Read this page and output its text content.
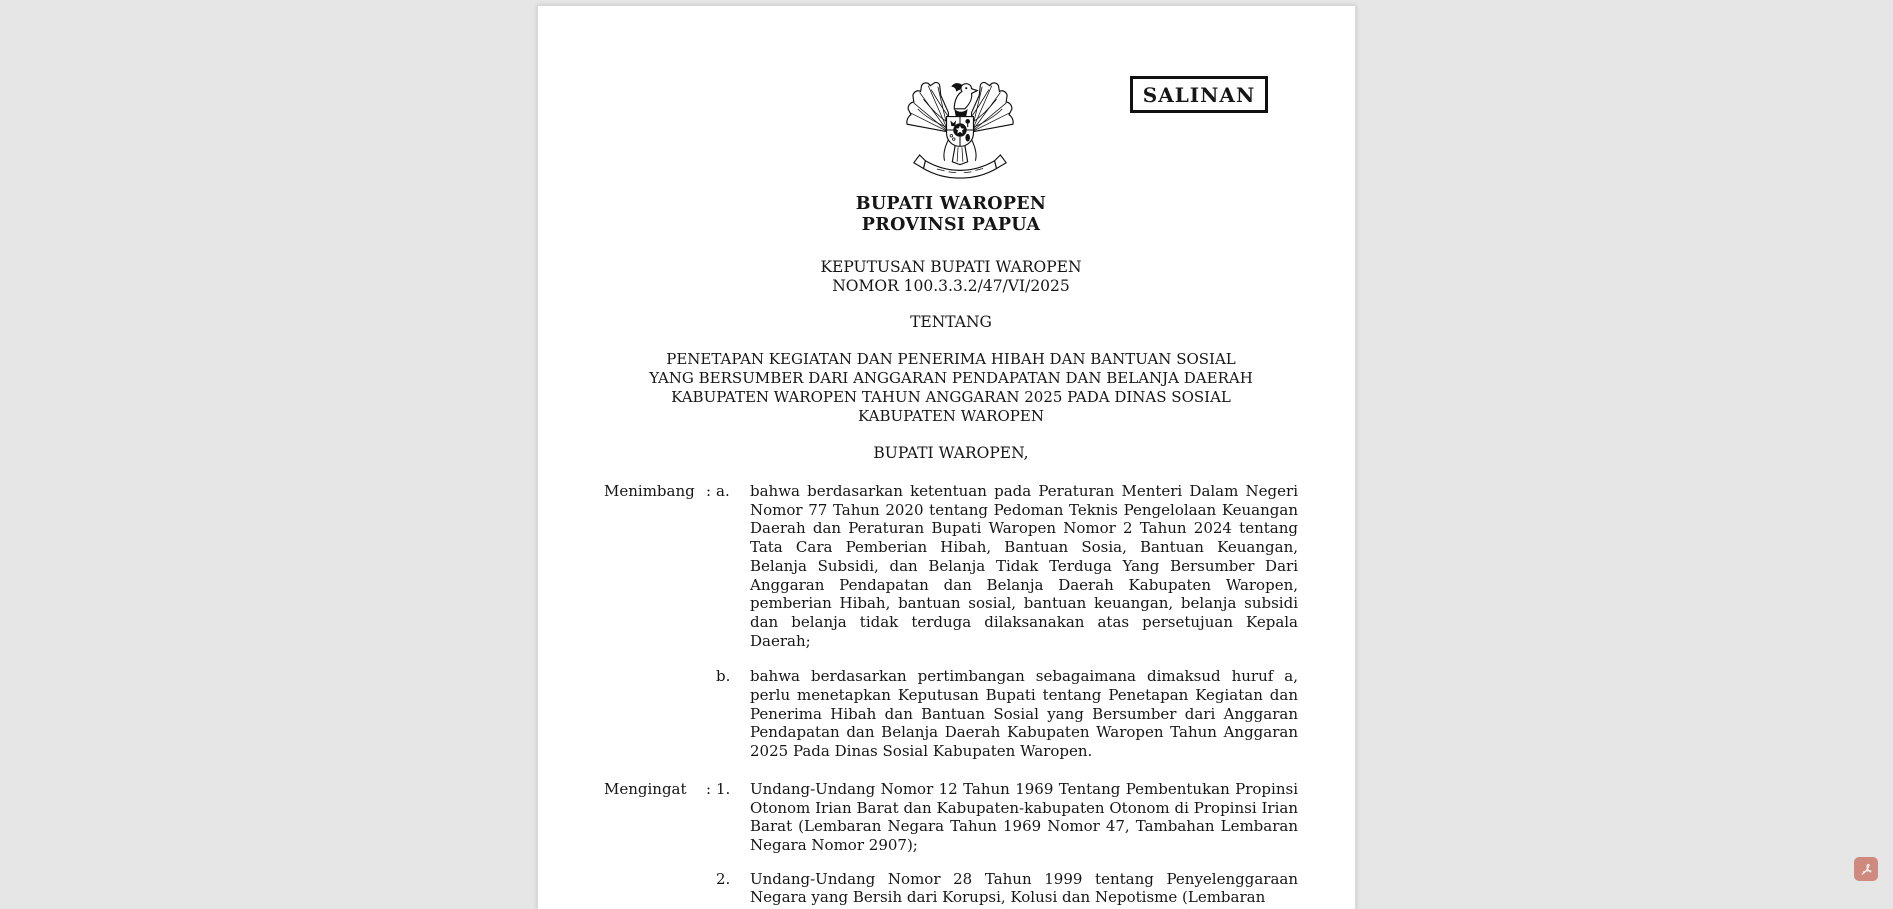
SALINAN
BUPATI WAROPEN
PROVINSI PAPUA
KEPUTUSAN BUPATI WAROPEN
NOMOR 100.3.3.2/47/VI/2025
TENTANG
PENETAPAN KEGIATAN DAN PENERIMA HIBAH DAN BANTUAN SOSIAL
YANG BERSUMBER DARI ANGGARAN PENDAPATAN DAN BELANJA DAERAH
KABUPATEN WAROPEN TAHUN ANGGARAN 2025 PADA DINAS SOSIAL
KABUPATEN WAROPEN
BUPATI WAROPEN,
Menimbang : a.	bahwa berdasarkan ketentuan pada Peraturan Menteri Dalam Negeri Nomor 77 Tahun 2020 tentang Pedoman Teknis Pengelolaan Keuangan Daerah dan Peraturan Bupati Waropen Nomor 2 Tahun 2024 tentang Tata Cara Pemberian Hibah, Bantuan Sosia, Bantuan Keuangan, Belanja Subsidi, dan Belanja Tidak Terduga Yang Bersumber Dari Anggaran Pendapatan dan Belanja Daerah Kabupaten Waropen, pemberian Hibah, bantuan sosial, bantuan keuangan, belanja subsidi dan belanja tidak terduga dilaksanakan atas persetujuan Kepala Daerah;
b.	bahwa berdasarkan pertimbangan sebagaimana dimaksud huruf a, perlu menetapkan Keputusan Bupati tentang Penetapan Kegiatan dan Penerima Hibah dan Bantuan Sosial yang Bersumber dari Anggaran Pendapatan dan Belanja Daerah Kabupaten Waropen Tahun Anggaran 2025 Pada Dinas Sosial Kabupaten Waropen.
Mengingat	: 1.	Undang-Undang Nomor 12 Tahun 1969 Tentang Pembentukan Propinsi Otonom Irian Barat dan Kabupaten-kabupaten Otonom di Propinsi Irian Barat (Lembaran Negara Tahun 1969 Nomor 47, Tambahan Lembaran Negara Nomor 2907);
2.	Undang-Undang Nomor 28 Tahun 1999 tentang Penyelenggaraan Negara yang Bersih dari Korupsi, Kolusi dan Nepotisme (Lembaran
